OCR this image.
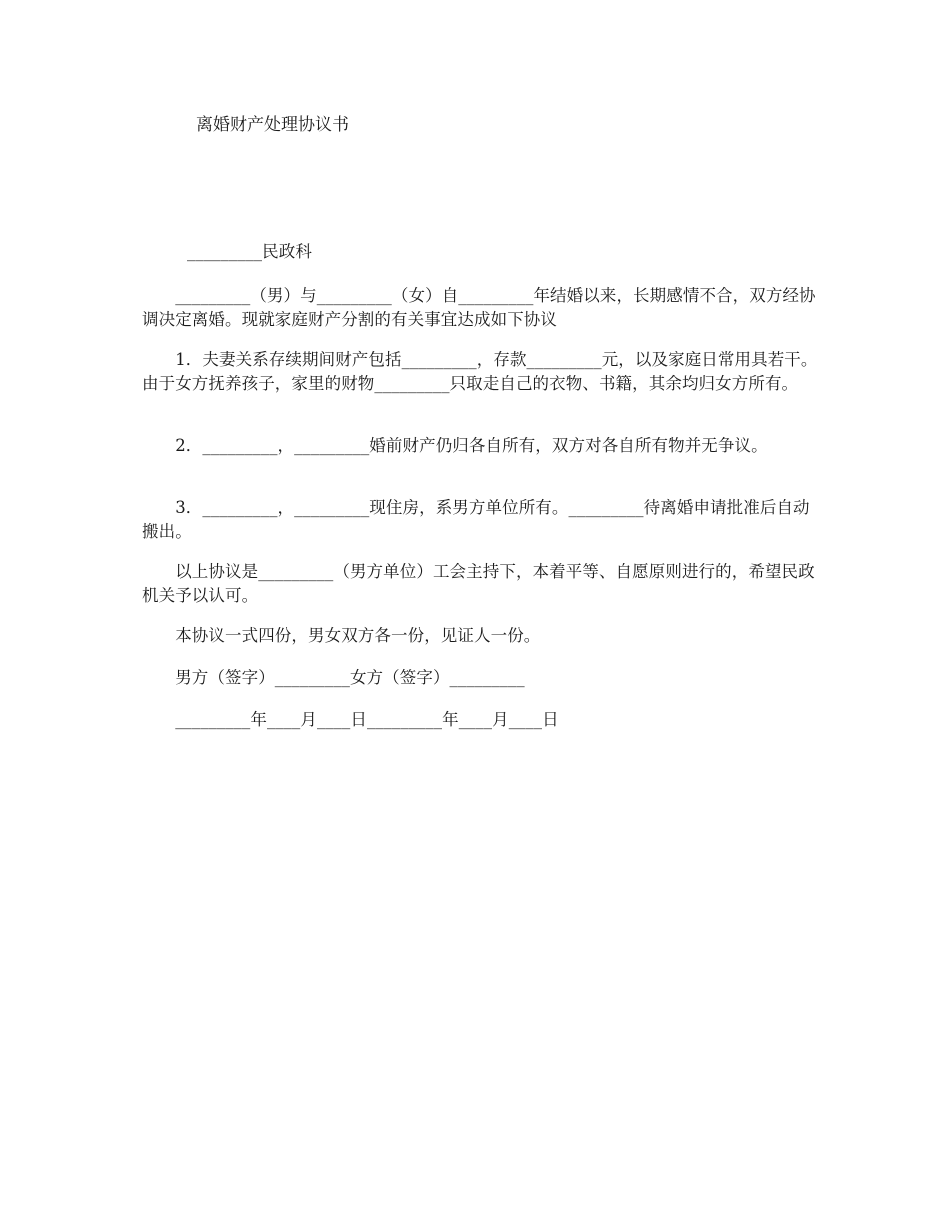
离婚财产处理协议书
_________民政科
　　_________（男）与_________（女）自_________年结婚以来，长期感情不合，双方经协调决定离婚。现就家庭财产分割的有关事宜达成如下协议
　　1．夫妻关系存续期间财产包括_________，存款_________元，以及家庭日常用具若干。由于女方抚养孩子，家里的财物_________只取走自己的衣物、书籍，其余均归女方所有。
　　2．_________，_________婚前财产仍归各自所有，双方对各自所有物并无争议。
　　3．_________，_________现住房，系男方单位所有。_________待离婚申请批准后自动搬出。
　　以上协议是_________（男方单位）工会主持下，本着平等、自愿原则进行的，希望民政机关予以认可。
　　本协议一式四份，男女双方各一份，见证人一份。
　　男方（签字）_________女方（签字）_________
　　_________年____月____日_________年____月____日
